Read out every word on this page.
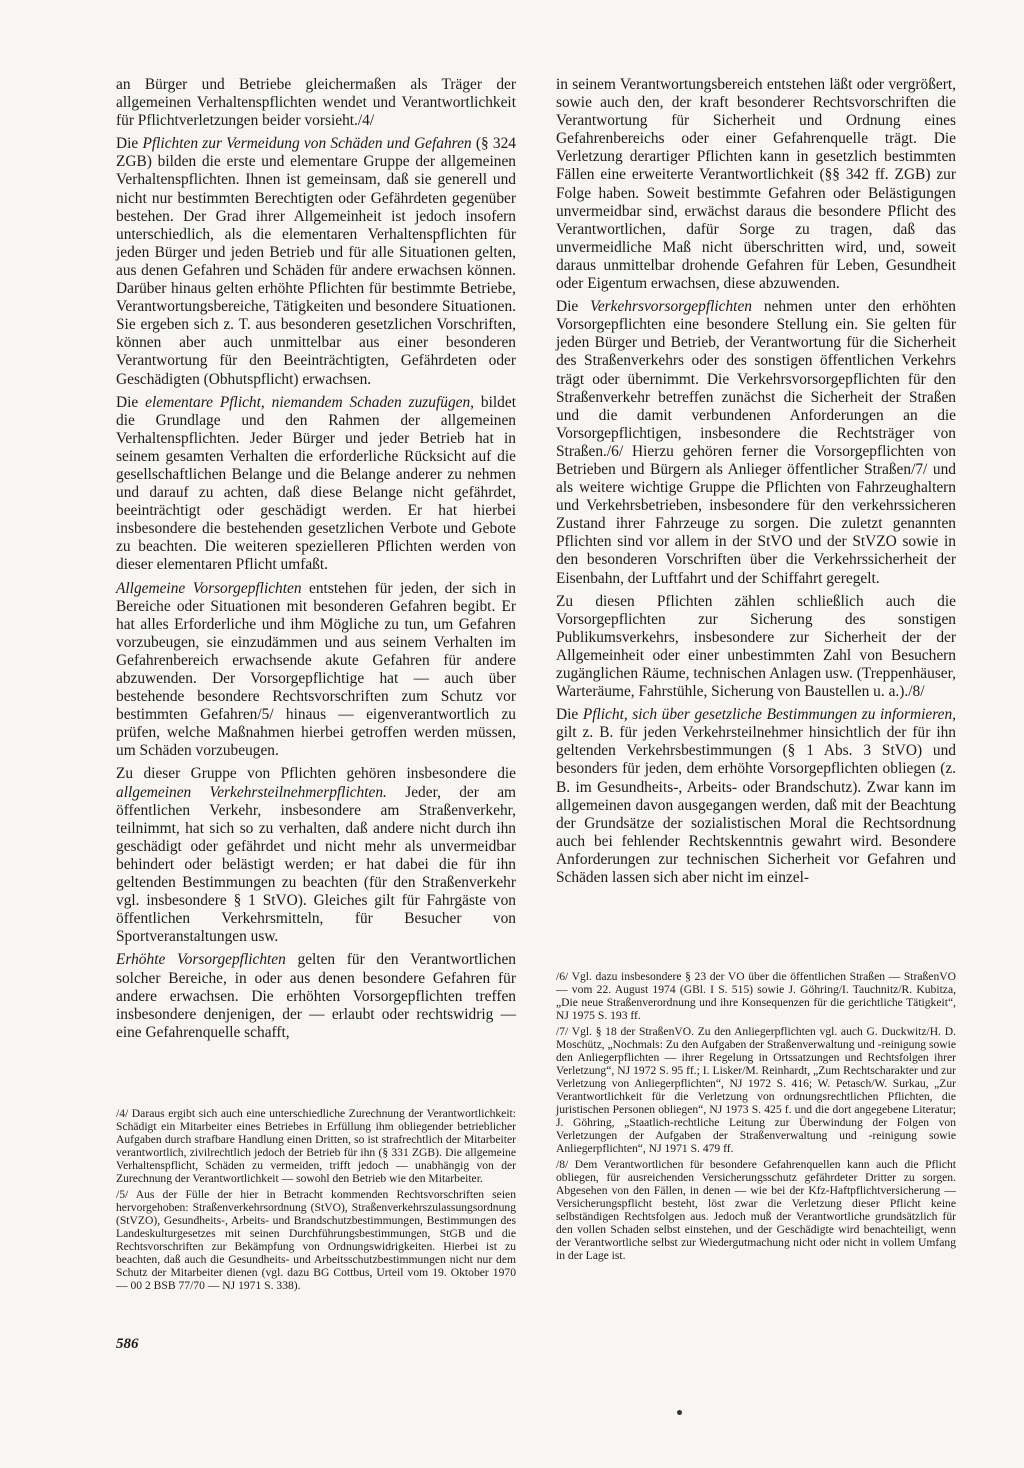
an Bürger und Betriebe gleichermaßen als Träger der allgemeinen Verhaltenspflichten wendet und Verantwortlichkeit für Pflichtverletzungen beider vorsieht./4/

Die Pflichten zur Vermeidung von Schäden und Gefahren (§ 324 ZGB) bilden die erste und elementare Gruppe der allgemeinen Verhaltenspflichten. Ihnen ist gemeinsam, daß sie generell und nicht nur bestimmten Berechtigten oder Gefährdeten gegenüber bestehen. Der Grad ihrer Allgemeinheit ist jedoch insofern unterschiedlich, als die elementaren Verhaltenspflichten für jeden Bürger und jeden Betrieb und für alle Situationen gelten, aus denen Gefahren und Schäden für andere erwachsen können. Darüber hinaus gelten erhöhte Pflichten für bestimmte Betriebe, Verantwortungsbereiche, Tätigkeiten und besondere Situationen. Sie ergeben sich z. T. aus besonderen gesetzlichen Vorschriften, können aber auch unmittelbar aus einer besonderen Verantwortung für den Beeinträchtigten, Gefährdeten oder Geschädigten (Obhutspflicht) erwachsen.

Die elementare Pflicht, niemandem Schaden zuzufügen, bildet die Grundlage und den Rahmen der allgemeinen Verhaltenspflichten. Jeder Bürger und jeder Betrieb hat in seinem gesamten Verhalten die erforderliche Rücksicht auf die gesellschaftlichen Belange und die Belange anderer zu nehmen und darauf zu achten, daß diese Belange nicht gefährdet, beeinträchtigt oder geschädigt werden. Er hat hierbei insbesondere die bestehenden gesetzlichen Verbote und Gebote zu beachten. Die weiteren spezielleren Pflichten werden von dieser elementaren Pflicht umfaßt.

Allgemeine Vorsorgepflichten entstehen für jeden, der sich in Bereiche oder Situationen mit besonderen Gefahren begibt. Er hat alles Erforderliche und ihm Mögliche zu tun, um Gefahren vorzubeugen, sie einzudämmen und aus seinem Verhalten im Gefahrenbereich erwachsende akute Gefahren für andere abzuwenden. Der Vorsorgepflichtige hat — auch über bestehende besondere Rechtsvorschriften zum Schutz vor bestimmten Gefahren/5/ hinaus — eigenverantwortlich zu prüfen, welche Maßnahmen hierbei getroffen werden müssen, um Schäden vorzubeugen.

Zu dieser Gruppe von Pflichten gehören insbesondere die allgemeinen Verkehrsteilnehmerpflichten. Jeder, der am öffentlichen Verkehr, insbesondere am Straßenverkehr, teilnimmt, hat sich so zu verhalten, daß andere nicht durch ihn geschädigt oder gefährdet und nicht mehr als unvermeidbar behindert oder belästigt werden; er hat dabei die für ihn geltenden Bestimmungen zu beachten (für den Straßenverkehr vgl. insbesondere § 1 StVO). Gleiches gilt für Fahrgäste von öffentlichen Verkehrsmitteln, für Besucher von Sportveranstaltungen usw.

Erhöhte Vorsorgepflichten gelten für den Verantwortlichen solcher Bereiche, in oder aus denen besondere Gefahren für andere erwachsen. Die erhöhten Vorsorgepflichten treffen insbesondere denjenigen, der — erlaubt oder rechtswidrig — eine Gefahrenquelle schafft,

/4/ Daraus ergibt sich auch eine unterschiedliche Zurechnung der Verantwortlichkeit: Schädigt ein Mitarbeiter eines Betriebes in Erfüllung ihm obliegender betrieblicher Aufgaben durch strafbare Handlung einen Dritten, so ist strafrechtlich der Mitarbeiter verantwortlich, zivilrechtlich jedoch der Betrieb für ihn (§ 331 ZGB). Die allgemeine Verhaltenspflicht, Schäden zu vermeiden, trifft jedoch — unabhängig von der Zurechnung der Verantwortlichkeit — sowohl den Betrieb wie den Mitarbeiter.

/5/ Aus der Fülle der hier in Betracht kommenden Rechtsvorschriften seien hervorgehoben: Straßenverkehrsordnung (StVO), Straßenverkehrszulassungsordnung (StVZO), Gesundheits-, Arbeits- und Brandschutzbestimmungen, Bestimmungen des Landeskulturgesetzes mit seinen Durchführungsbestimmungen, StGB und die Rechtsvorschriften zur Bekämpfung von Ordnungswidrigkeiten. Hierbei ist zu beachten, daß auch die Gesundheits- und Arbeitsschutzbestimmungen nicht nur dem Schutz der Mitarbeiter dienen (vgl. dazu BG Cottbus, Urteil vom 19. Oktober 1970 — 00 2 BSB 77/70 — NJ 1971 S. 338).

in seinem Verantwortungsbereich entstehen läßt oder vergrößert, sowie auch den, der kraft besonderer Rechtsvorschriften die Verantwortung für Sicherheit und Ordnung eines Gefahrenbereichs oder einer Gefahrenquelle trägt. Die Verletzung derartiger Pflichten kann in gesetzlich bestimmten Fällen eine erweiterte Verantwortlichkeit (§§ 342 ff. ZGB) zur Folge haben. Soweit bestimmte Gefahren oder Belästigungen unvermeidbar sind, erwächst daraus die besondere Pflicht des Verantwortlichen, dafür Sorge zu tragen, daß das unvermeidliche Maß nicht überschritten wird, und, soweit daraus unmittelbar drohende Gefahren für Leben, Gesundheit oder Eigentum erwachsen, diese abzuwenden.

Die Verkehrsvorsorgepflichten nehmen unter den erhöhten Vorsorgepflichten eine besondere Stellung ein. Sie gelten für jeden Bürger und Betrieb, der Verantwortung für die Sicherheit des Straßenverkehrs oder des sonstigen öffentlichen Verkehrs trägt oder übernimmt. Die Verkehrsvorsorgepflichten für den Straßenverkehr betreffen zunächst die Sicherheit der Straßen und die damit verbundenen Anforderungen an die Vorsorgepflichtigen, insbesondere die Rechtsträger von Straßen./6/ Hierzu gehören ferner die Vorsorgepflichten von Betrieben und Bürgern als Anlieger öffentlicher Straßen/7/ und als weitere wichtige Gruppe die Pflichten von Fahrzeughaltern und Verkehrsbetrieben, insbesondere für den verkehrssicheren Zustand ihrer Fahrzeuge zu sorgen. Die zuletzt genannten Pflichten sind vor allem in der StVO und der StVZO sowie in den besonderen Vorschriften über die Verkehrssicherheit der Eisenbahn, der Luftfahrt und der Schiffahrt geregelt.

Zu diesen Pflichten zählen schließlich auch die Vorsorgepflichten zur Sicherung des sonstigen Publikumsverkehrs, insbesondere zur Sicherheit der der Allgemeinheit oder einer unbestimmten Zahl von Besuchern zugänglichen Räume, technischen Anlagen usw. (Treppenhäuser, Warteräume, Fahrstühle, Sicherung von Baustellen u. a.)./8/

Die Pflicht, sich über gesetzliche Bestimmungen zu informieren, gilt z. B. für jeden Verkehrsteilnehmer hinsichtlich der für ihn geltenden Verkehrsbestimmungen (§ 1 Abs. 3 StVO) und besonders für jeden, dem erhöhte Vorsorgepflichten obliegen (z. B. im Gesundheits-, Arbeits- oder Brandschutz). Zwar kann im allgemeinen davon ausgegangen werden, daß mit der Beachtung der Grundsätze der sozialistischen Moral die Rechtsordnung auch bei fehlender Rechtskenntnis gewahrt wird. Besondere Anforderungen zur technischen Sicherheit vor Gefahren und Schäden lassen sich aber nicht im einzel-

/6/ Vgl. dazu insbesondere § 23 der VO über die öffentlichen Straßen — StraßenVO — vom 22. August 1974 (GBl. I S. 515) sowie J. Göhring/I. Tauchnitz/R. Kubitza, „Die neue Straßenverordnung und ihre Konsequenzen für die gerichtliche Tätigkeit“, NJ 1975 S. 193 ff.

/7/ Vgl. § 18 der StraßenVO. Zu den Anliegerpflichten vgl. auch G. Duckwitz/H. D. Moschütz, „Nochmals: Zu den Aufgaben der Straßenverwaltung und -reinigung sowie den Anliegerpflichten — ihrer Regelung in Ortssatzungen und Rechtsfolgen ihrer Verletzung“, NJ 1972 S. 95 ff.; I. Lisker/M. Reinhardt, „Zum Rechtscharakter und zur Verletzung von Anliegerpflichten“, NJ 1972 S. 416; W. Petasch/W. Surkau, „Zur Verantwortlichkeit für die Verletzung von ordnungsrechtlichen Pflichten, die juristischen Personen obliegen“, NJ 1973 S. 425 f. und die dort angegebene Literatur; J. Göhring, „Staatlich-rechtliche Leitung zur Überwindung der Folgen von Verletzungen der Aufgaben der Straßenverwaltung und -reinigung sowie Anliegerpflichten“, NJ 1971 S. 479 ff.

/8/ Dem Verantwortlichen für besondere Gefahrenquellen kann auch die Pflicht obliegen, für ausreichenden Versicherungsschutz gefährdeter Dritter zu sorgen. Abgesehen von den Fällen, in denen — wie bei der Kfz-Haftpflichtversicherung — Versicherungspflicht besteht, löst zwar die Verletzung dieser Pflicht keine selbständigen Rechtsfolgen aus. Jedoch muß der Verantwortliche grundsätzlich für den vollen Schaden selbst einstehen, und der Geschädigte wird benachteiligt, wenn der Verantwortliche selbst zur Wiedergutmachung nicht oder nicht in vollem Umfang in der Lage ist.

586
